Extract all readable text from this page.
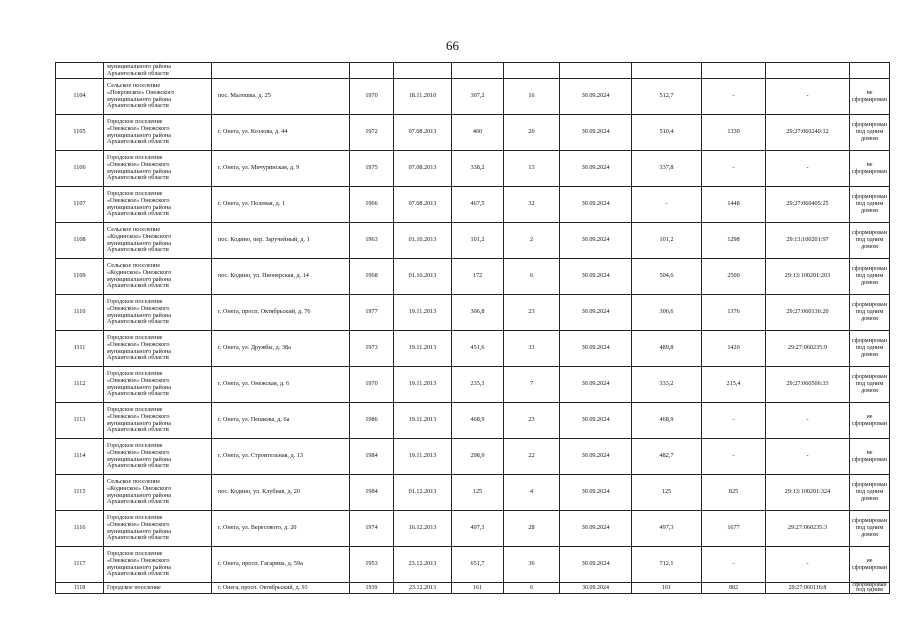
66
	муниципального района
Архангельской области										
1104	Сельское поселение
«Покровское» Онежского
муниципального района
Архангельской области	пос. Малошка, д. 25	1970	18.11.2010	307,2	16	30.09.2024	512,7	-	-	не сформирован
1105	Городское поселение
«Онежское» Онежского
муниципального района
Архангельской области	г. Онега, ул. Козлова, д. 44	1972	07.08.2013	460	20	30.09.2024	510,4	1330	29:27:060240:12	сформирован под одним домом
1106	Городское поселение
«Онежское» Онежского
муниципального района
Архангельской области	г. Онега, ул. Мичуринская, д. 9	1975	07.08.2013	338,2	13	30.09.2024	337,8	-	-	не сформирован
1107	Городское поселение
«Онежское» Онежского
муниципального района
Архангельской области	г. Онега, ул. Полевая, д. 1	1966	07.08.2013	467,5	32	30.09.2024	-	1448	29:27:060405:25	сформирован под одним домом
1108	Сельское поселение
«Кодинское» Онежского
муниципального района
Архангельской области	пос. Кодино, пер. Заручейный, д. 1	1963	01.10.2013	101,2	2	30.09.2024	101,2	1298	29:13:100201:97	сформирован под одним домом
1109	Сельское поселение
«Кодинское» Онежского
муниципального района
Архангельской области	пос. Кодино, ул. Пионерская, д. 14	1968	01.10.2013	172	6	30.09.2024	504,6	2500	29:13:100201:203	сформирован под одним домом
1110	Городское поселение
«Онежское» Онежского
муниципального района
Архангельской области	г. Онега, просп. Октябрьский, д. 76	1977	19.11.2013	306,8	23	30.09.2024	306,6	1376	29:27:060136:20	сформирован под одним домом
1111	Городское поселение
«Онежское» Онежского
муниципального района
Архангельской области	г. Онега, ул. Дружбы, д. 38а	1973	19.11.2013	451,6	33	30.09.2024	489,8	1420	29:27:060235:9	сформирован под одним домом
1112	Городское поселение
«Онежское» Онежского
муниципального района
Архангельской области	г. Онега, ул. Онежская, д. 6	1970	19.11.2013	235,3	7	30.09.2024	333,2	215,4	29:27:060506:33	сформирован под одним домом
1113	Городское поселение
«Онежское» Онежского
муниципального района
Архангельской области	г. Онега, ул. Пешкова, д. 6а	1986	19.11.2013	468,9	23	30.09.2024	468,9	-	-	не сформирован
1114	Городское поселение
«Онежское» Онежского
муниципального района
Архангельской области	г. Онега, ул. Строительная, д. 13	1984	19.11.2013	298,9	22	30.09.2024	482,7	-	-	не сформирован
1115	Сельское поселение
«Кодинское» Онежского
муниципального района
Архангельской области	пос. Кодино, ул. Клубная, д. 20	1984	01.12.2013	125	4	30.09.2024	125	825	29:13:100201:324	сформирован под одним домом
1116	Городское поселение
«Онежское» Онежского
муниципального района
Архангельской области	г. Онега, ул. Вересового, д. 20	1974	16.12.2013	497,3	28	30.09.2024	497,3	1677	29:27:060235:3	сформирован под одним домом
1117	Городское поселение
«Онежское» Онежского
муниципального района
Архангельской области	г. Онега, просп. Гагарина, д. 59а	1953	23.12.2013	651,7	36	30.09.2024	712,1	-	-	не сформирован
1118	Городское поселение	г. Онега, просп. Октябрьский, д. 93	1939	23.12.2013	161	6	30.09.2024	161	882	29:27:060116:8	сформирован под одним
